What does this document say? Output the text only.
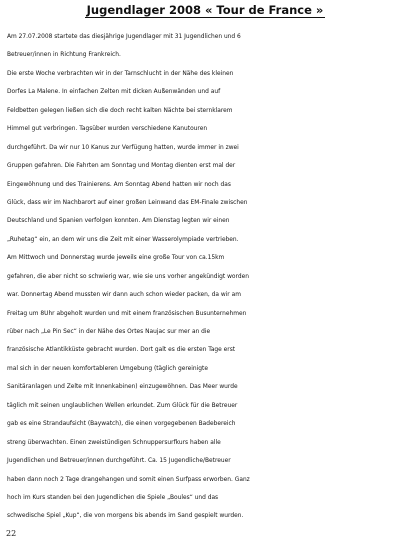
Jugendlager 2008 « Tour de France »
Am 27.07.2008 startete das diesjährige Jugendlager mit 31 Jugendlichen und 6
Betreuer/innen in Richtung Frankreich.
Die erste Woche verbrachten wir in der Tarnschlucht in der Nähe des kleinen
Dorfes La Malene. In einfachen Zelten mit dicken Außenwänden und auf
Feldbetten gelegen ließen sich die doch recht kalten Nächte bei sternklarem
Himmel gut verbringen. Tagsüber wurden verschiedene Kanutouren
durchgeführt. Da wir nur 10 Kanus zur Verfügung hatten, wurde immer in zwei
Gruppen gefahren. Die Fahrten am Sonntag und Montag dienten erst mal der
Eingewöhnung und des Trainierens. Am Sonntag Abend hatten wir noch das
Glück, dass wir im Nachbarort auf einer großen Leinwand das EM-Finale zwischen
Deutschland und Spanien verfolgen konnten. Am Dienstag legten wir einen
„Ruhetag“ ein, an dem wir uns die Zeit mit einer Wasserolympiade vertrieben.
Am Mittwoch und Donnerstag wurde jeweils eine große Tour von ca.15km
gefahren, die aber nicht so schwierig war, wie sie uns vorher angekündigt worden
war. Donnertag Abend mussten wir dann auch schon wieder packen, da wir am
Freitag um 8Uhr abgeholt wurden und mit einem französischen Busunternehmen
rüber nach „Le Pin Sec“ in der Nähe des Ortes Naujac sur mer an die
französische Atlantikküste gebracht wurden. Dort galt es die ersten Tage erst
mal sich in der neuen komfortableren Umgebung (täglich gereinigte
Sanitäranlagen und Zelte mit Innenkabinen) einzugewöhnen. Das Meer wurde
täglich mit seinen unglaublichen Wellen erkundet. Zum Glück für die Betreuer
gab es eine Strandaufsicht (Baywatch), die einen vorgegebenen Badebereich
streng überwachten. Einen zweistündigen Schnuppersurfkurs haben alle
Jugendlichen und Betreuer/innen durchgeführt. Ca. 15 Jugendliche/Betreuer
haben dann noch 2 Tage drangehangen und somit einen Surfpass erworben. Ganz
hoch im Kurs standen bei den Jugendlichen die Spiele „Boules“ und das
schwedische Spiel „Kup“, die von morgens bis abends im Sand gespielt wurden.
22
